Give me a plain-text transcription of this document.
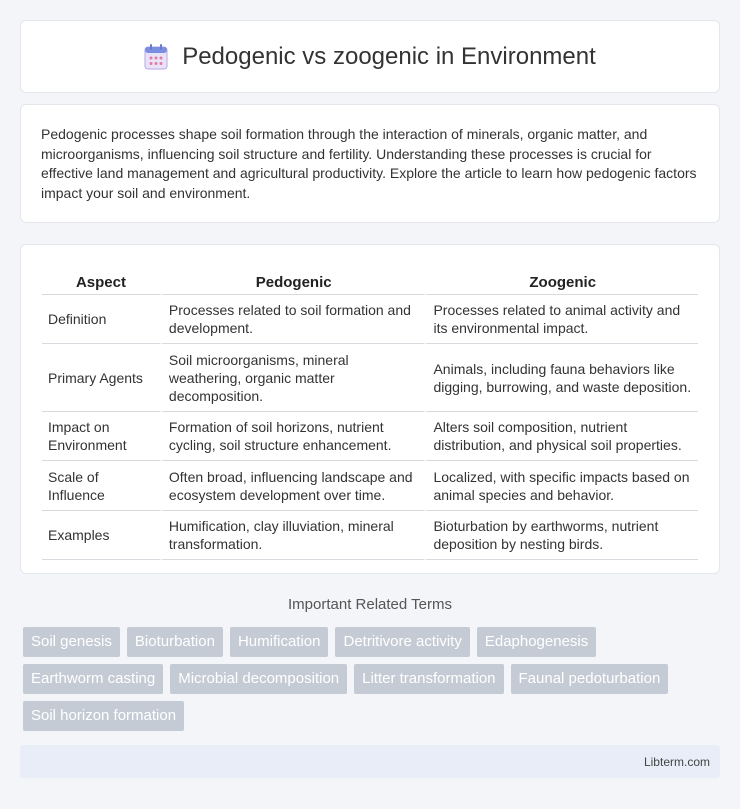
Pedogenic vs zoogenic in Environment

Pedogenic processes shape soil formation through the interaction of minerals, organic matter, and microorganisms, influencing soil structure and fertility. Understanding these processes is crucial for effective land management and agricultural productivity. Explore the article to learn how pedogenic factors impact your soil and environment.

Aspect	Pedogenic	Zoogenic
Definition	Processes related to soil formation and development.	Processes related to animal activity and its environmental impact.
Primary Agents	Soil microorganisms, mineral weathering, organic matter decomposition.	Animals, including fauna behaviors like digging, burrowing, and waste deposition.
Impact on Environment	Formation of soil horizons, nutrient cycling, soil structure enhancement.	Alters soil composition, nutrient distribution, and physical soil properties.
Scale of Influence	Often broad, influencing landscape and ecosystem development over time.	Localized, with specific impacts based on animal species and behavior.
Examples	Humification, clay illuviation, mineral transformation.	Bioturbation by earthworms, nutrient deposition by nesting birds.
Important Related Terms
Soil genesis	Bioturbation	Humification	Detritivore activity	Edaphogenesis
Earthworm casting	Microbial decomposition	Litter transformation	Faunal pedoturbation
Soil horizon formation
Libterm.com
